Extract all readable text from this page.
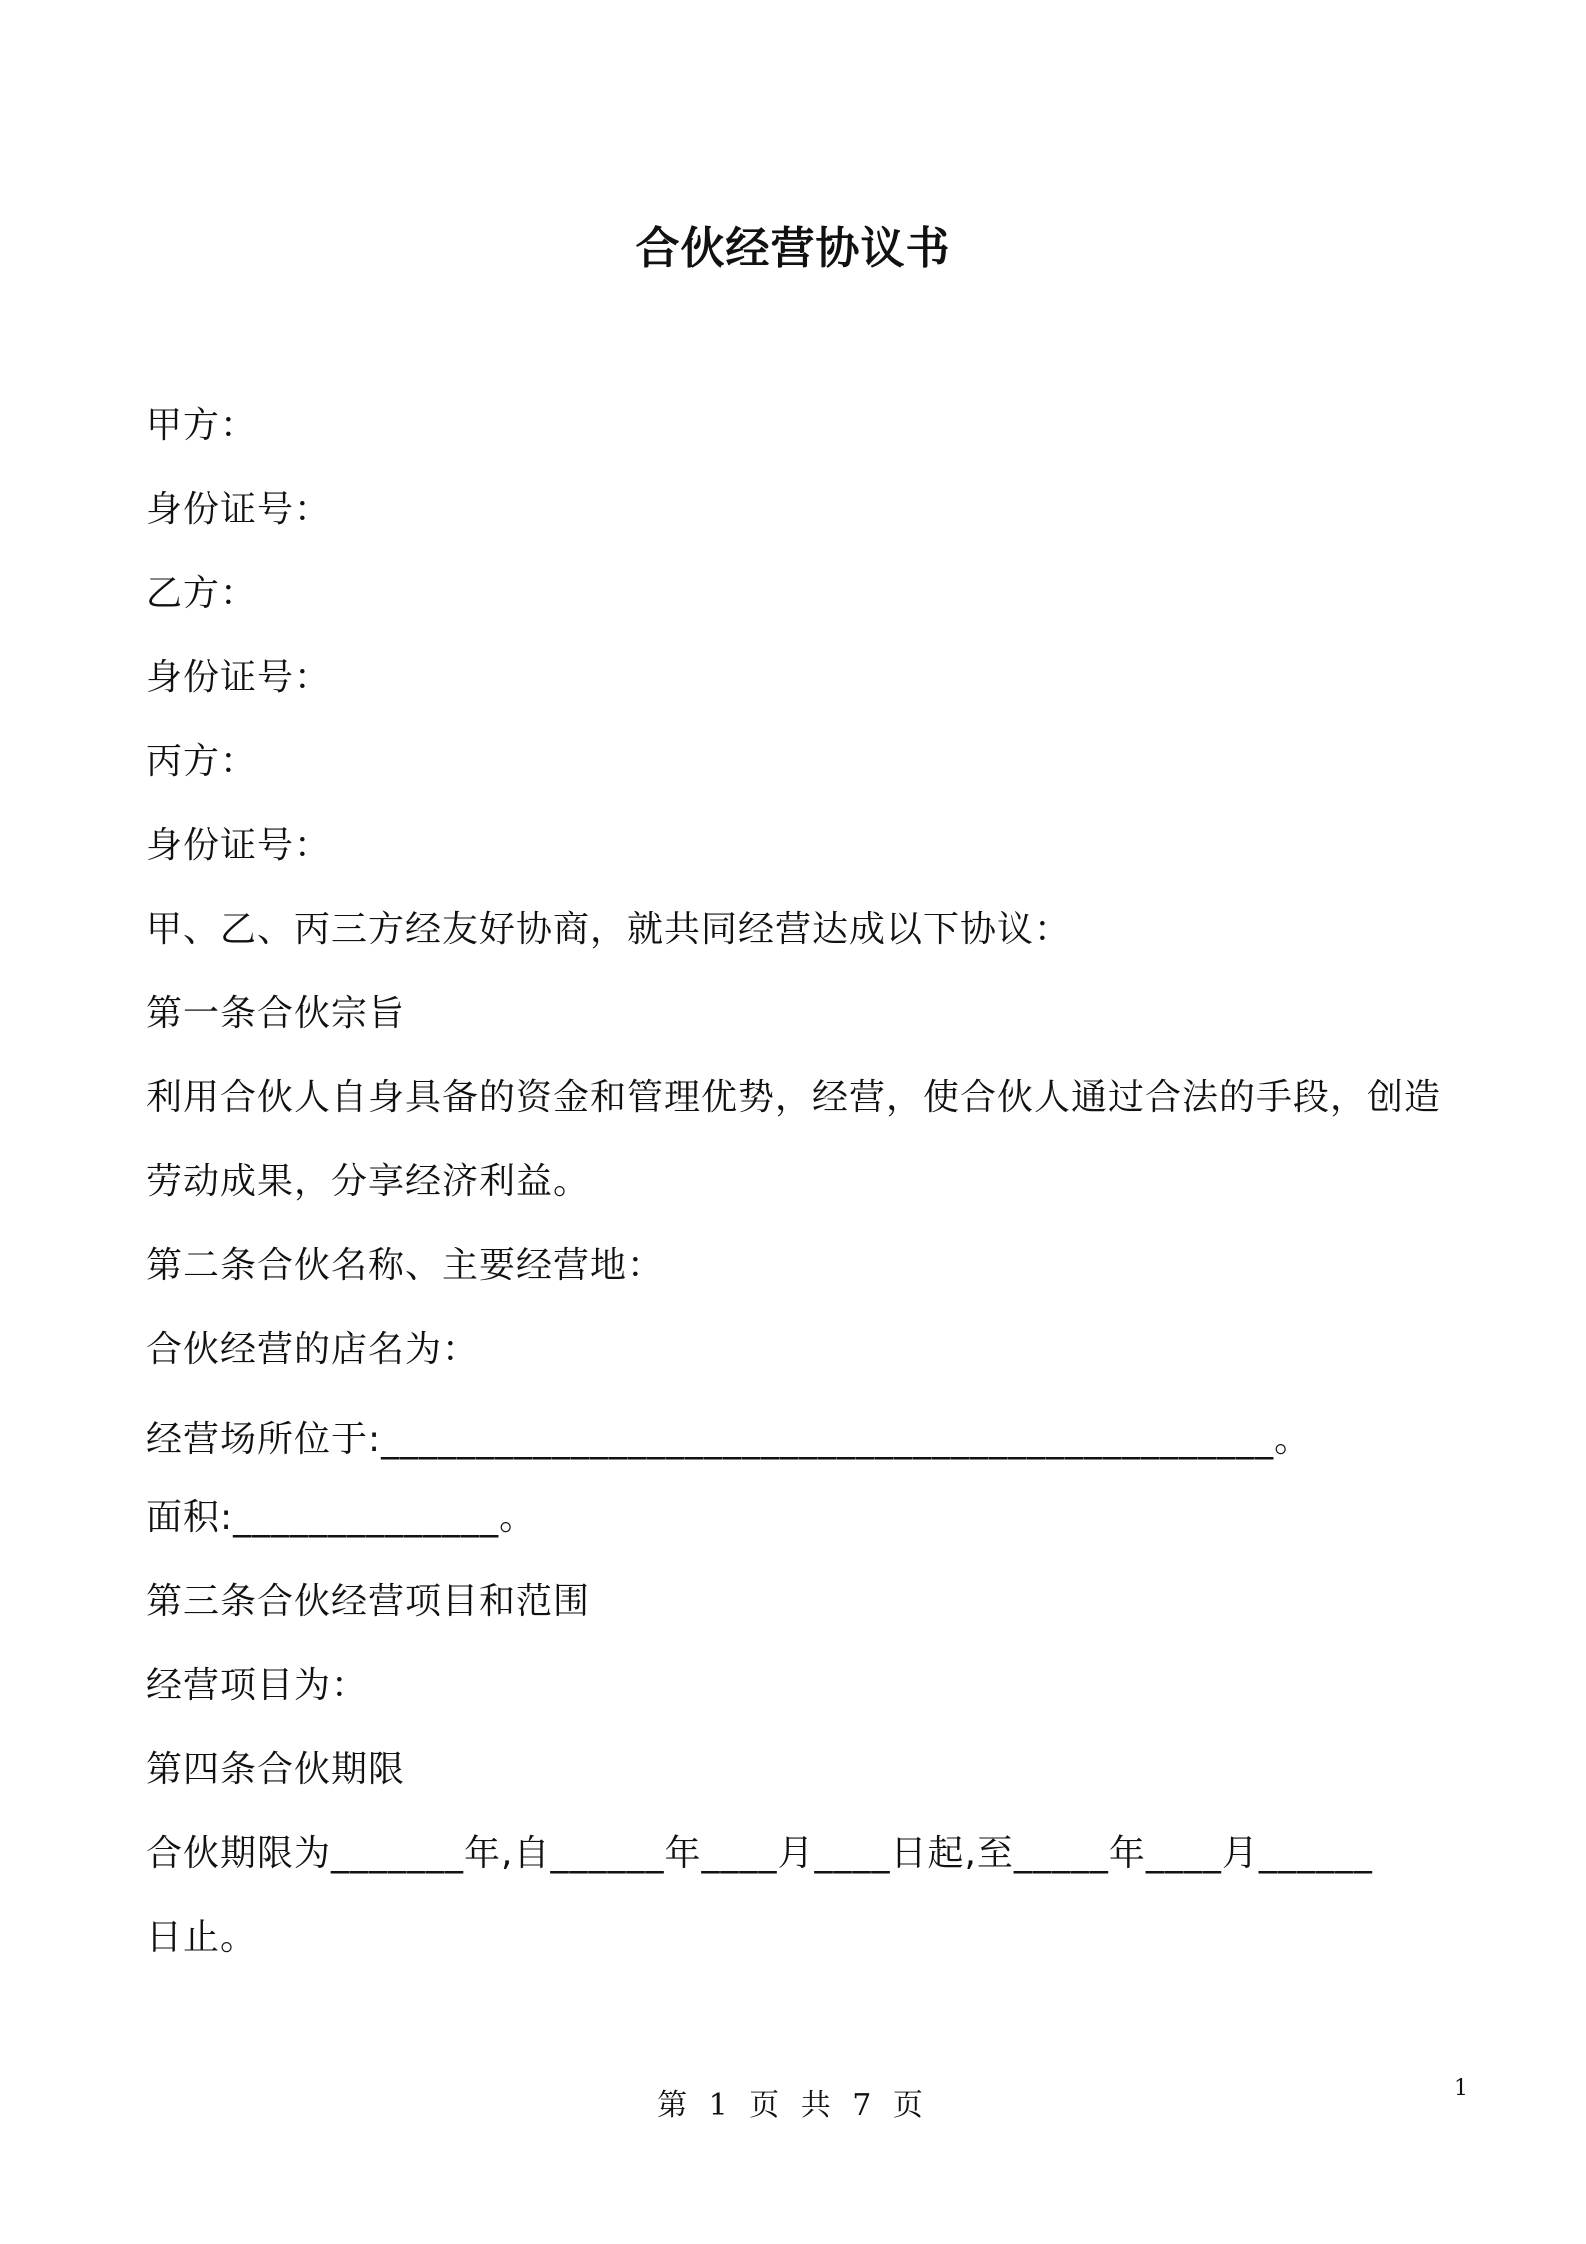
合伙经营协议书
甲方：
身份证号：
乙方：
身份证号：
丙方：
身份证号：
甲、乙、丙三方经友好协商，就共同经营达成以下协议：
第一条合伙宗旨
利用合伙人自身具备的资金和管理优势，经营，使合伙人通过合法的手段，创造
劳动成果，分享经济利益。
第二条合伙名称、主要经营地：
合伙经营的店名为：
经营场所位于:_______________________________________________。
面积:______________。
第三条合伙经营项目和范围
经营项目为：
第四条合伙期限
合伙期限为_______年,自______年____月____日起,至_____年____月______
日止。
第 1 页 共 7 页	1
